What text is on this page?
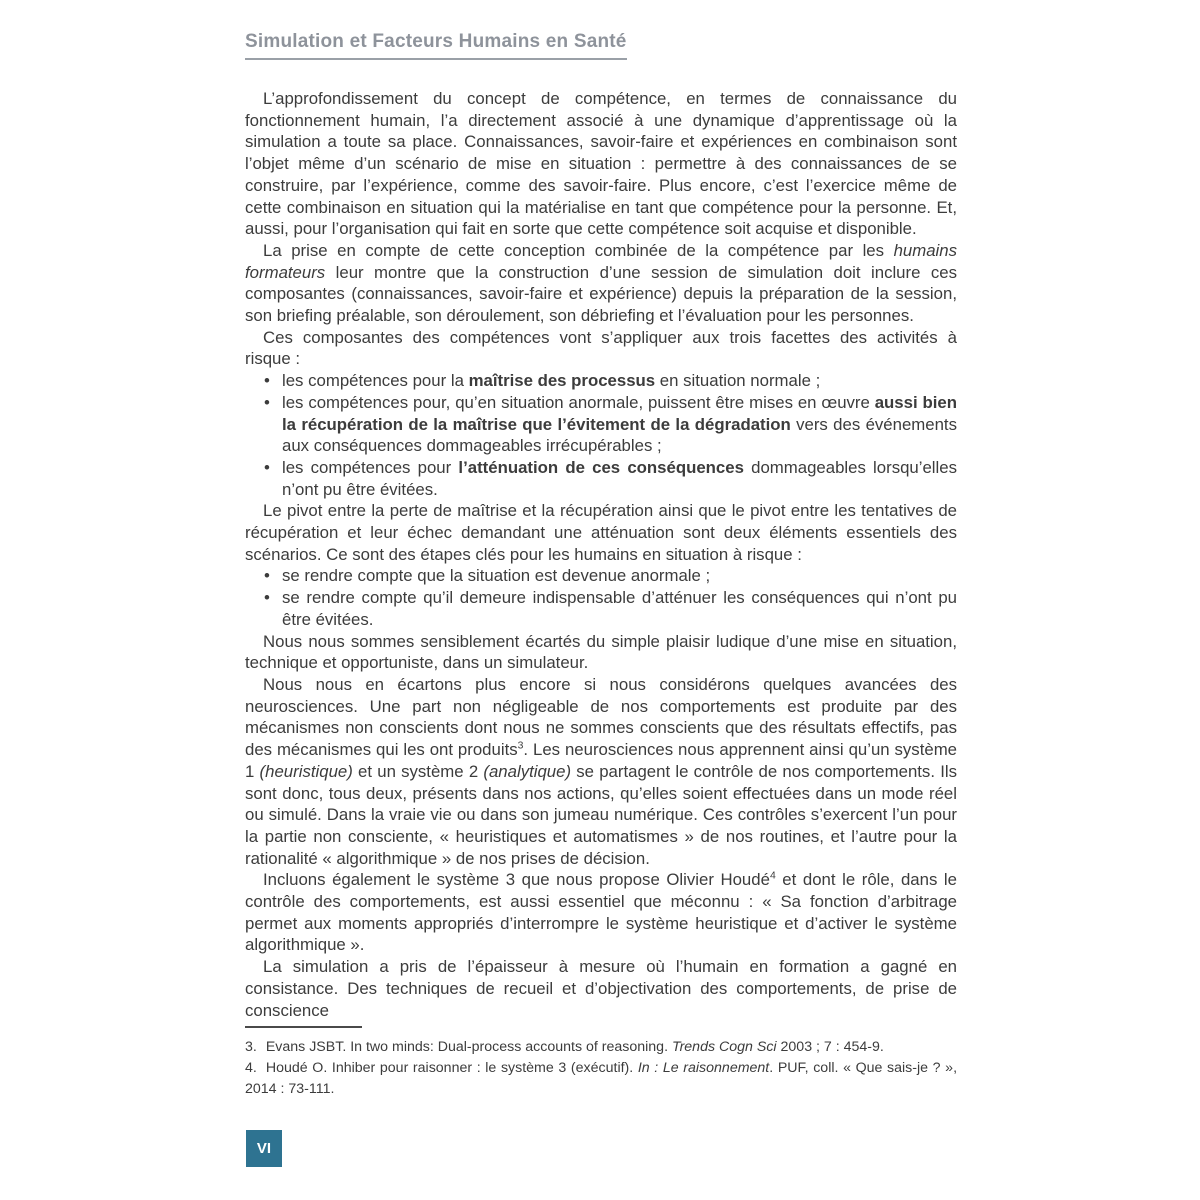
Simulation et Facteurs Humains en Santé

L’approfondissement du concept de compétence, en termes de connaissance du fonctionnement humain, l’a directement associé à une dynamique d’apprentissage où la simulation a toute sa place. Connaissances, savoir-faire et expériences en combinaison sont l’objet même d’un scénario de mise en situation : permettre à des connaissances de se construire, par l’expérience, comme des savoir-faire. Plus encore, c’est l’exercice même de cette combinaison en situation qui la matérialise en tant que compétence pour la personne. Et, aussi, pour l’organisation qui fait en sorte que cette compétence soit acquise et disponible.

La prise en compte de cette conception combinée de la compétence par les humains formateurs leur montre que la construction d’une session de simulation doit inclure ces composantes (connaissances, savoir-faire et expérience) depuis la préparation de la session, son briefing préalable, son déroulement, son débriefing et l’évaluation pour les personnes.

Ces composantes des compétences vont s’appliquer aux trois facettes des activités à risque :

• les compétences pour la maîtrise des processus en situation normale ;
• les compétences pour, qu’en situation anormale, puissent être mises en œuvre aussi bien la récupération de la maîtrise que l’évitement de la dégradation vers des événements aux conséquences dommageables irrécupérables ;
• les compétences pour l’atténuation de ces conséquences dommageables lorsqu’elles n’ont pu être évitées.

Le pivot entre la perte de maîtrise et la récupération ainsi que le pivot entre les tentatives de récupération et leur échec demandant une atténuation sont deux éléments essentiels des scénarios. Ce sont des étapes clés pour les humains en situation à risque :

• se rendre compte que la situation est devenue anormale ;
• se rendre compte qu’il demeure indispensable d’atténuer les conséquences qui n’ont pu être évitées.

Nous nous sommes sensiblement écartés du simple plaisir ludique d’une mise en situation, technique et opportuniste, dans un simulateur.

Nous nous en écartons plus encore si nous considérons quelques avancées des neurosciences. Une part non négligeable de nos comportements est produite par des mécanismes non conscients dont nous ne sommes conscients que des résultats effectifs, pas des mécanismes qui les ont produits$^3$. Les neurosciences nous apprennent ainsi qu’un système 1 (heuristique) et un système 2 (analytique) se partagent le contrôle de nos comportements. Ils sont donc, tous deux, présents dans nos actions, qu’elles soient effectuées dans un mode réel ou simulé. Dans la vraie vie ou dans son jumeau numérique. Ces contrôles s’exercent l’un pour la partie non consciente, « heuristiques et automatismes » de nos routines, et l’autre pour la rationalité « algorithmique » de nos prises de décision.

Incluons également le système 3 que nous propose Olivier Houdé$^4$ et dont le rôle, dans le contrôle des comportements, est aussi essentiel que méconnu : « Sa fonction d’arbitrage permet aux moments appropriés d’interrompre le système heuristique et d’activer le système algorithmique ».

La simulation a pris de l’épaisseur à mesure où l’humain en formation a gagné en consistance. Des techniques de recueil et d’objectivation des comportements, de prise de conscience

3. Evans JSBT. In two minds: Dual-process accounts of reasoning. Trends Cogn Sci 2003 ; 7 : 454-9.

4. Houdé O. Inhiber pour raisonner : le système 3 (exécutif). In : Le raisonnement. PUF, coll. « Que sais-je ? », 2014 : 73-111.

VI
